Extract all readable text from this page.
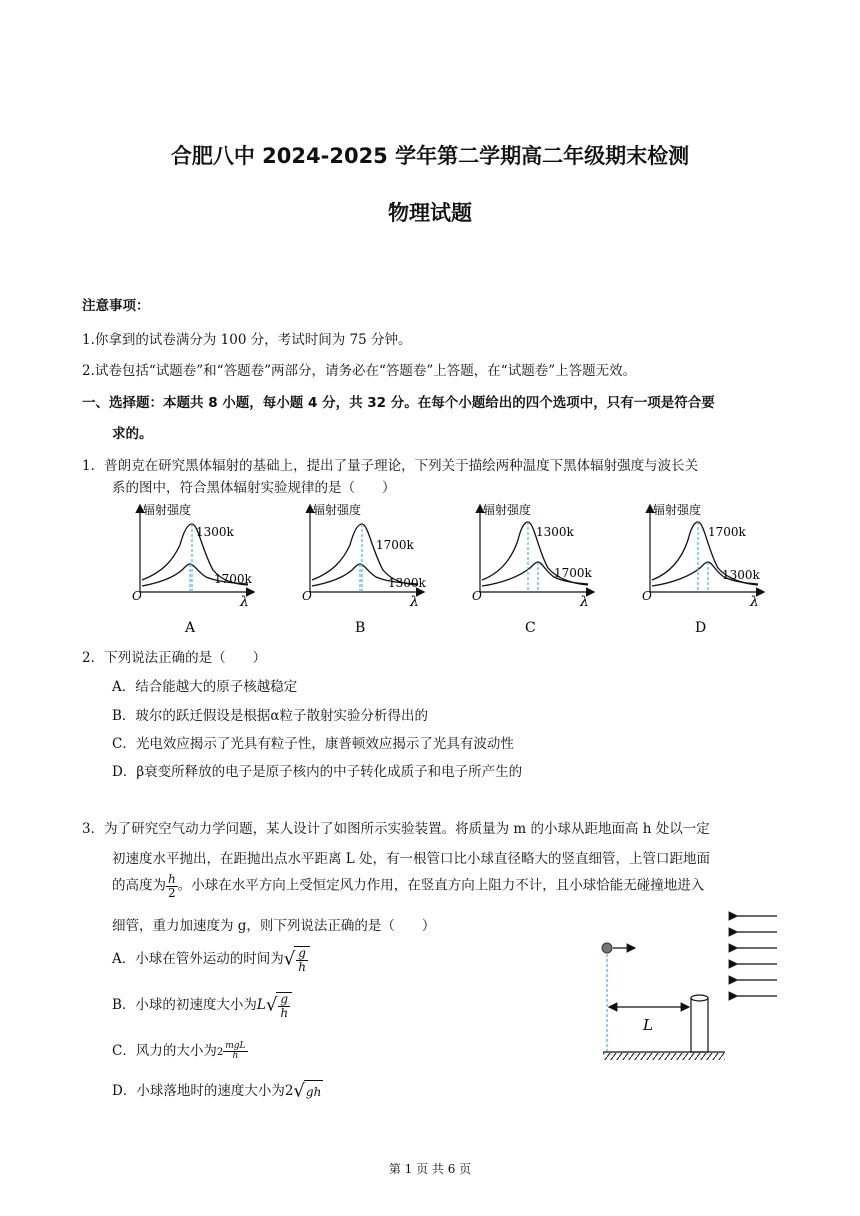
合肥八中 2024-2025 学年第二学期高二年级期末检测
物理试题
注意事项：
1.你拿到的试卷满分为 100 分，考试时间为 75 分钟。
2.试卷包括“试题卷”和“答题卷”两部分，请务必在“答题卷”上答题，在“试题卷”上答题无效。
一、选择题：本题共 8 小题，每小题 4 分，共 32 分。在每个小题给出的四个选项中，只有一项是符合要
求的。
1．普朗克在研究黑体辐射的基础上，提出了量子理论，下列关于描绘两种温度下黑体辐射强度与波长关
系的图中，符合黑体辐射实验规律的是（　　）
辐射强度
O	λ
1300k
1700k
A
辐射强度
O	λ
1700k
1300k
B
辐射强度
O	λ
1300k
1700k
C
辐射强度
O	λ
1700k
1300k
D
2．下列说法正确的是（　　）
A．结合能越大的原子核越稳定
B．玻尔的跃迁假设是根据α粒子散射实验分析得出的
C．光电效应揭示了光具有粒子性，康普顿效应揭示了光具有波动性
D．β衰变所释放的电子是原子核内的中子转化成质子和电子所产生的
3．为了研究空气动力学问题，某人设计了如图所示实验装置。将质量为 m 的小球从距地面高 h 处以一定
初速度水平抛出，在距抛出点水平距离 L 处，有一根管口比小球直径略大的竖直细管，上管口距地面
的高度为 $\frac{h}{2}$ 。小球在水平方向上受恒定风力作用，在竖直方向上阻力不计，且小球恰能无碰撞地进入
细管，重力加速度为 g，则下列说法正确的是（　　）
A．小球在管外运动的时间为√ $\frac{g}{h}$
B．小球的初速度大小为$L√ \frac{g}{h}$
C．风力的大小为$2 \frac{\text{mgL}}{h}$
D．小球落地时的速度大小为2√gh
L
第 1 页 共 6 页
